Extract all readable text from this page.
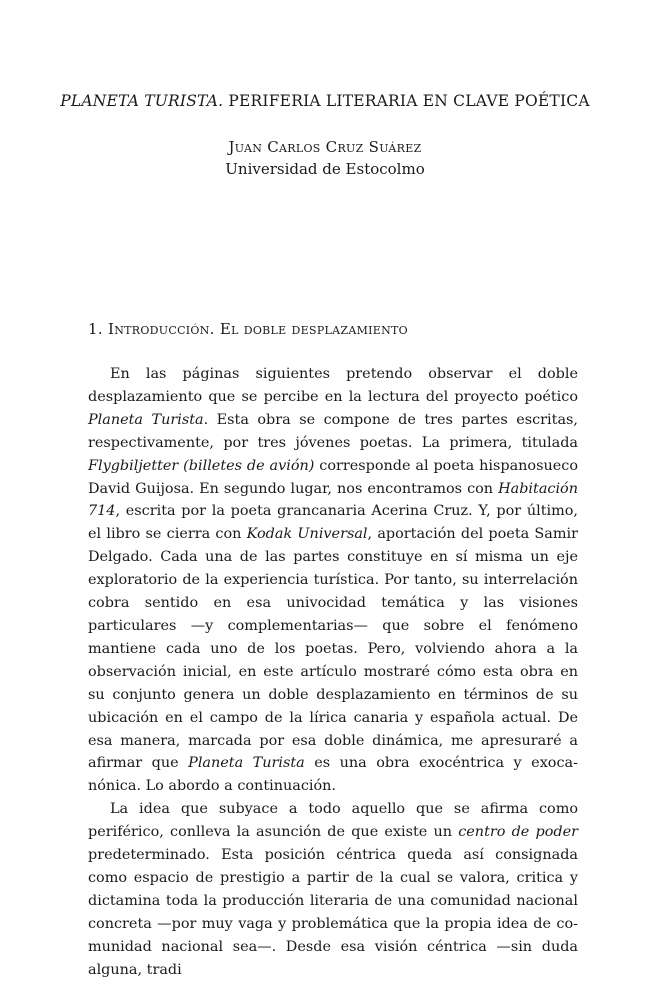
PLANETA TURISTA. PERIFERIA LITERARIA EN CLAVE POÉTICA
Juan Carlos Cruz Suárez
Universidad de Estocolmo
1. Introducción. El doble desplazamiento

En las páginas siguientes pretendo observar el doble desplazamiento que se percibe en la lectura del proyecto poético Planeta Turista. Esta obra se compone de tres partes escritas, respectivamente, por tres jóvenes poetas. La primera, titulada Flygbiljetter (billetes de avión) corresponde al poeta hispanosueco David Guijosa. En segundo lugar, nos encontramos con Habitación 714, escrita por la poeta grancanaria Acerina Cruz. Y, por último, el libro se cierra con Kodak Universal, aportación del poeta Samir Delgado. Cada una de las partes constituye en sí misma un eje exploratorio de la experiencia turística. Por tanto, su interrelación cobra sentido en esa univocidad temática y las visiones particulares —y complementarias— que sobre el fenómeno mantiene cada uno de los poetas. Pero, volviendo ahora a la observación inicial, en este artículo mostraré cómo esta obra en su conjunto genera un doble desplazamiento en términos de su ubicación en el campo de la lírica canaria y española actual. De esa manera, marcada por esa doble dinámica, me apresuraré a afirmar que Planeta Turista es una obra exocéntrica y exocanónica. Lo abordo a continuación.

La idea que subyace a todo aquello que se afirma como periférico, conlleva la asunción de que existe un centro de poder predeterminado. Esta posición céntrica queda así consignada como espacio de prestigio a partir de la cual se valora, critica y dictamina toda la producción literaria de una comunidad nacional concreta —por muy vaga y problemática que la propia idea de comunidad nacional sea—. Desde esa visión céntrica —sin duda alguna, tradi
